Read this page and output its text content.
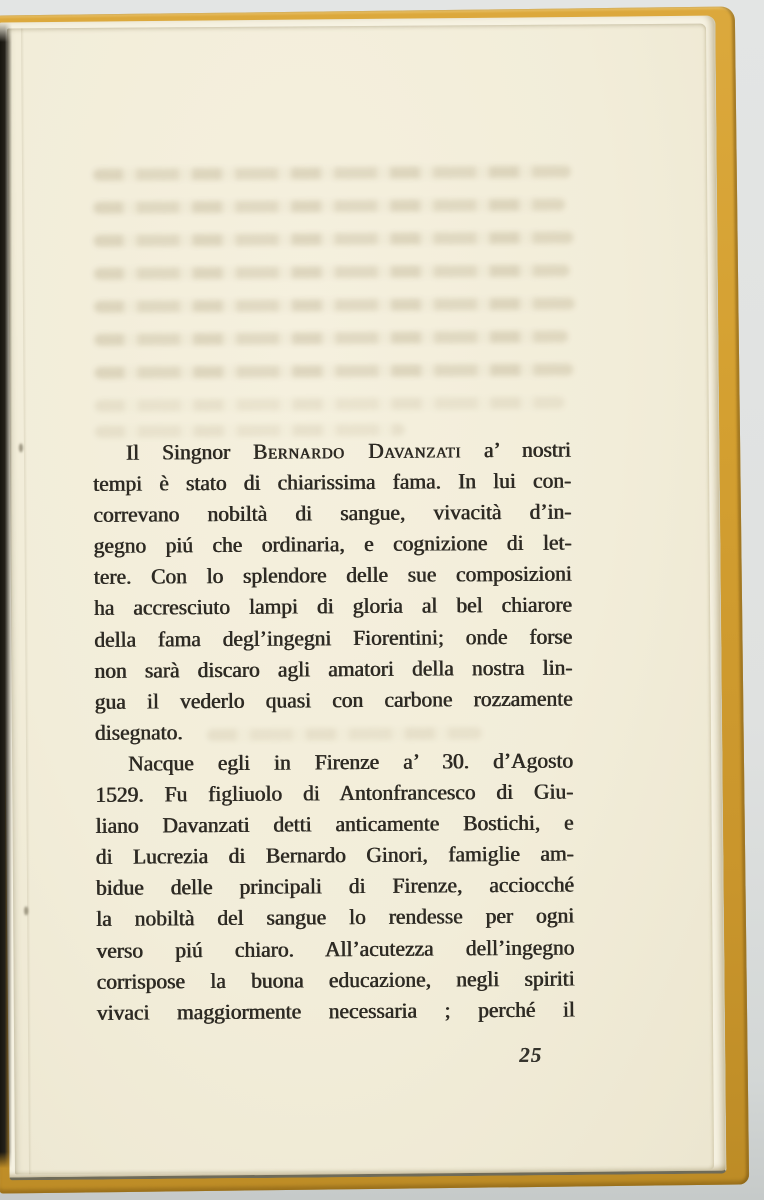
Il Singnor Bernardo Davanzati a’ nostri
tempi è stato di chiarissima fama. In lui con-
correvano nobiltà di sangue, vivacità d’in-
gegno piú che ordinaria, e cognizione di let-
tere. Con lo splendore delle sue composizioni
ha accresciuto lampi di gloria al bel chiarore
della fama degl’ingegni Fiorentini; onde forse
non sarà discaro agli amatori della nostra lin-
gua il vederlo quasi con carbone rozzamente
disegnato.
Nacque egli in Firenze a’ 30. d’Agosto
1529. Fu figliuolo di Antonfrancesco di Giu-
liano Davanzati detti anticamente Bostichi, e
di Lucrezia di Bernardo Ginori, famiglie am-
bidue delle principali di Firenze, acciocché
la nobiltà del sangue lo rendesse per ogni
verso piú chiaro. All’acutezza dell’ingegno
corrispose la buona educazione, negli spiriti
vivaci maggiormente necessaria ; perché il
25
